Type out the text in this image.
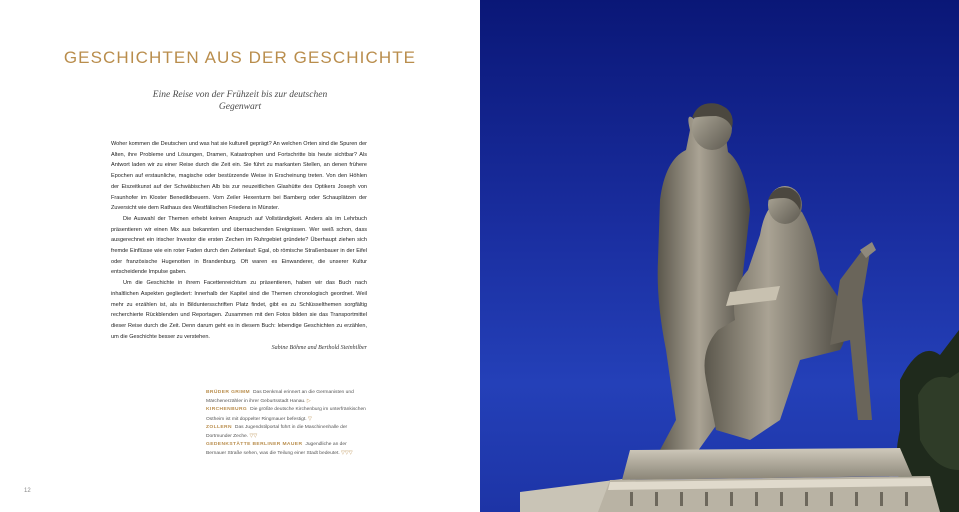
GESCHICHTEN AUS DER GESCHICHTE
Eine Reise von der Frühzeit bis zur deutschen Gegenwart

Woher kommen die Deutschen und was hat sie kulturell geprägt? An welchen Orten sind die Spuren der Alten, ihre Probleme und Lösungen, Dramen, Katastrophen und Fortschritte bis heute sichtbar? Als Antwort laden wir zu einer Reise durch die Zeit ein. Sie führt zu markanten Stellen, an denen frühere Epochen auf erstaunliche, magische oder bestürzende Weise in Erscheinung treten. Von den Höhlen der Eiszeitkunst auf der Schwäbischen Alb bis zur neuzeitlichen Glashütte des Optikers Joseph von Fraunhofer im Kloster Benediktbeuern. Vom Zeiler Hexenturm bei Bamberg oder Schauplätzen der Zuversicht wie dem Rathaus des Westfälischen Friedens in Münster.

Die Auswahl der Themen erhebt keinen Anspruch auf Vollständigkeit. Anders als im Lehrbuch präsentieren wir einen Mix aus bekannten und überraschenden Ereignissen. Wer weiß schon, dass ausgerechnet ein irischer Investor die ersten Zechen im Ruhrgebiet gründete? Überhaupt ziehen sich fremde Einflüsse wie ein roter Faden durch den Zeitenlauf: Egal, ob römische Straßenbauer in der Eifel oder französische Hugenotten in Brandenburg. Oft waren es Einwanderer, die unserer Kultur entscheidende Impulse gaben.

Um die Geschichte in ihrem Facettenreichtum zu präsentieren, haben wir das Buch nach inhaltlichen Aspekten gegliedert: Innerhalb der Kapitel sind die Themen chronologisch geordnet. Weil mehr zu erzählen ist, als in Bilduntersschriften Platz findet, gibt es zu Schlüsselthemen sorgfältig recherchierte Rückblenden und Reportagen. Zusammen mit den Fotos bilden sie das Transportmittel dieser Reise durch die Zeit. Denn darum geht es in diesem Buch: lebendige Geschichten zu erzählen, um die Geschichte besser zu verstehen.

Sabine Böhme and Berthold Steinhilber
BRÜDER GRIMM Das Denkmal erinnert an die Germanisten und Märchenerzähler in ihrer Geburtsstadt Hanau. ▷
KIRCHENBURG Die größte deutsche Kirchenburg im unterfränkischen Ostheim ist mit doppelter Ringmauer befestigt. ▽
ZOLLERN Das Jugendstilportal führt in die Maschinenhalle der Dortmunder Zeche. ▽▽
GEDENKSTÄTTE BERLINER MAUER Jugendliche an der Bernauer Straße sehen, was die Teilung einer Stadt bedeutet. ▽▽▽
12
